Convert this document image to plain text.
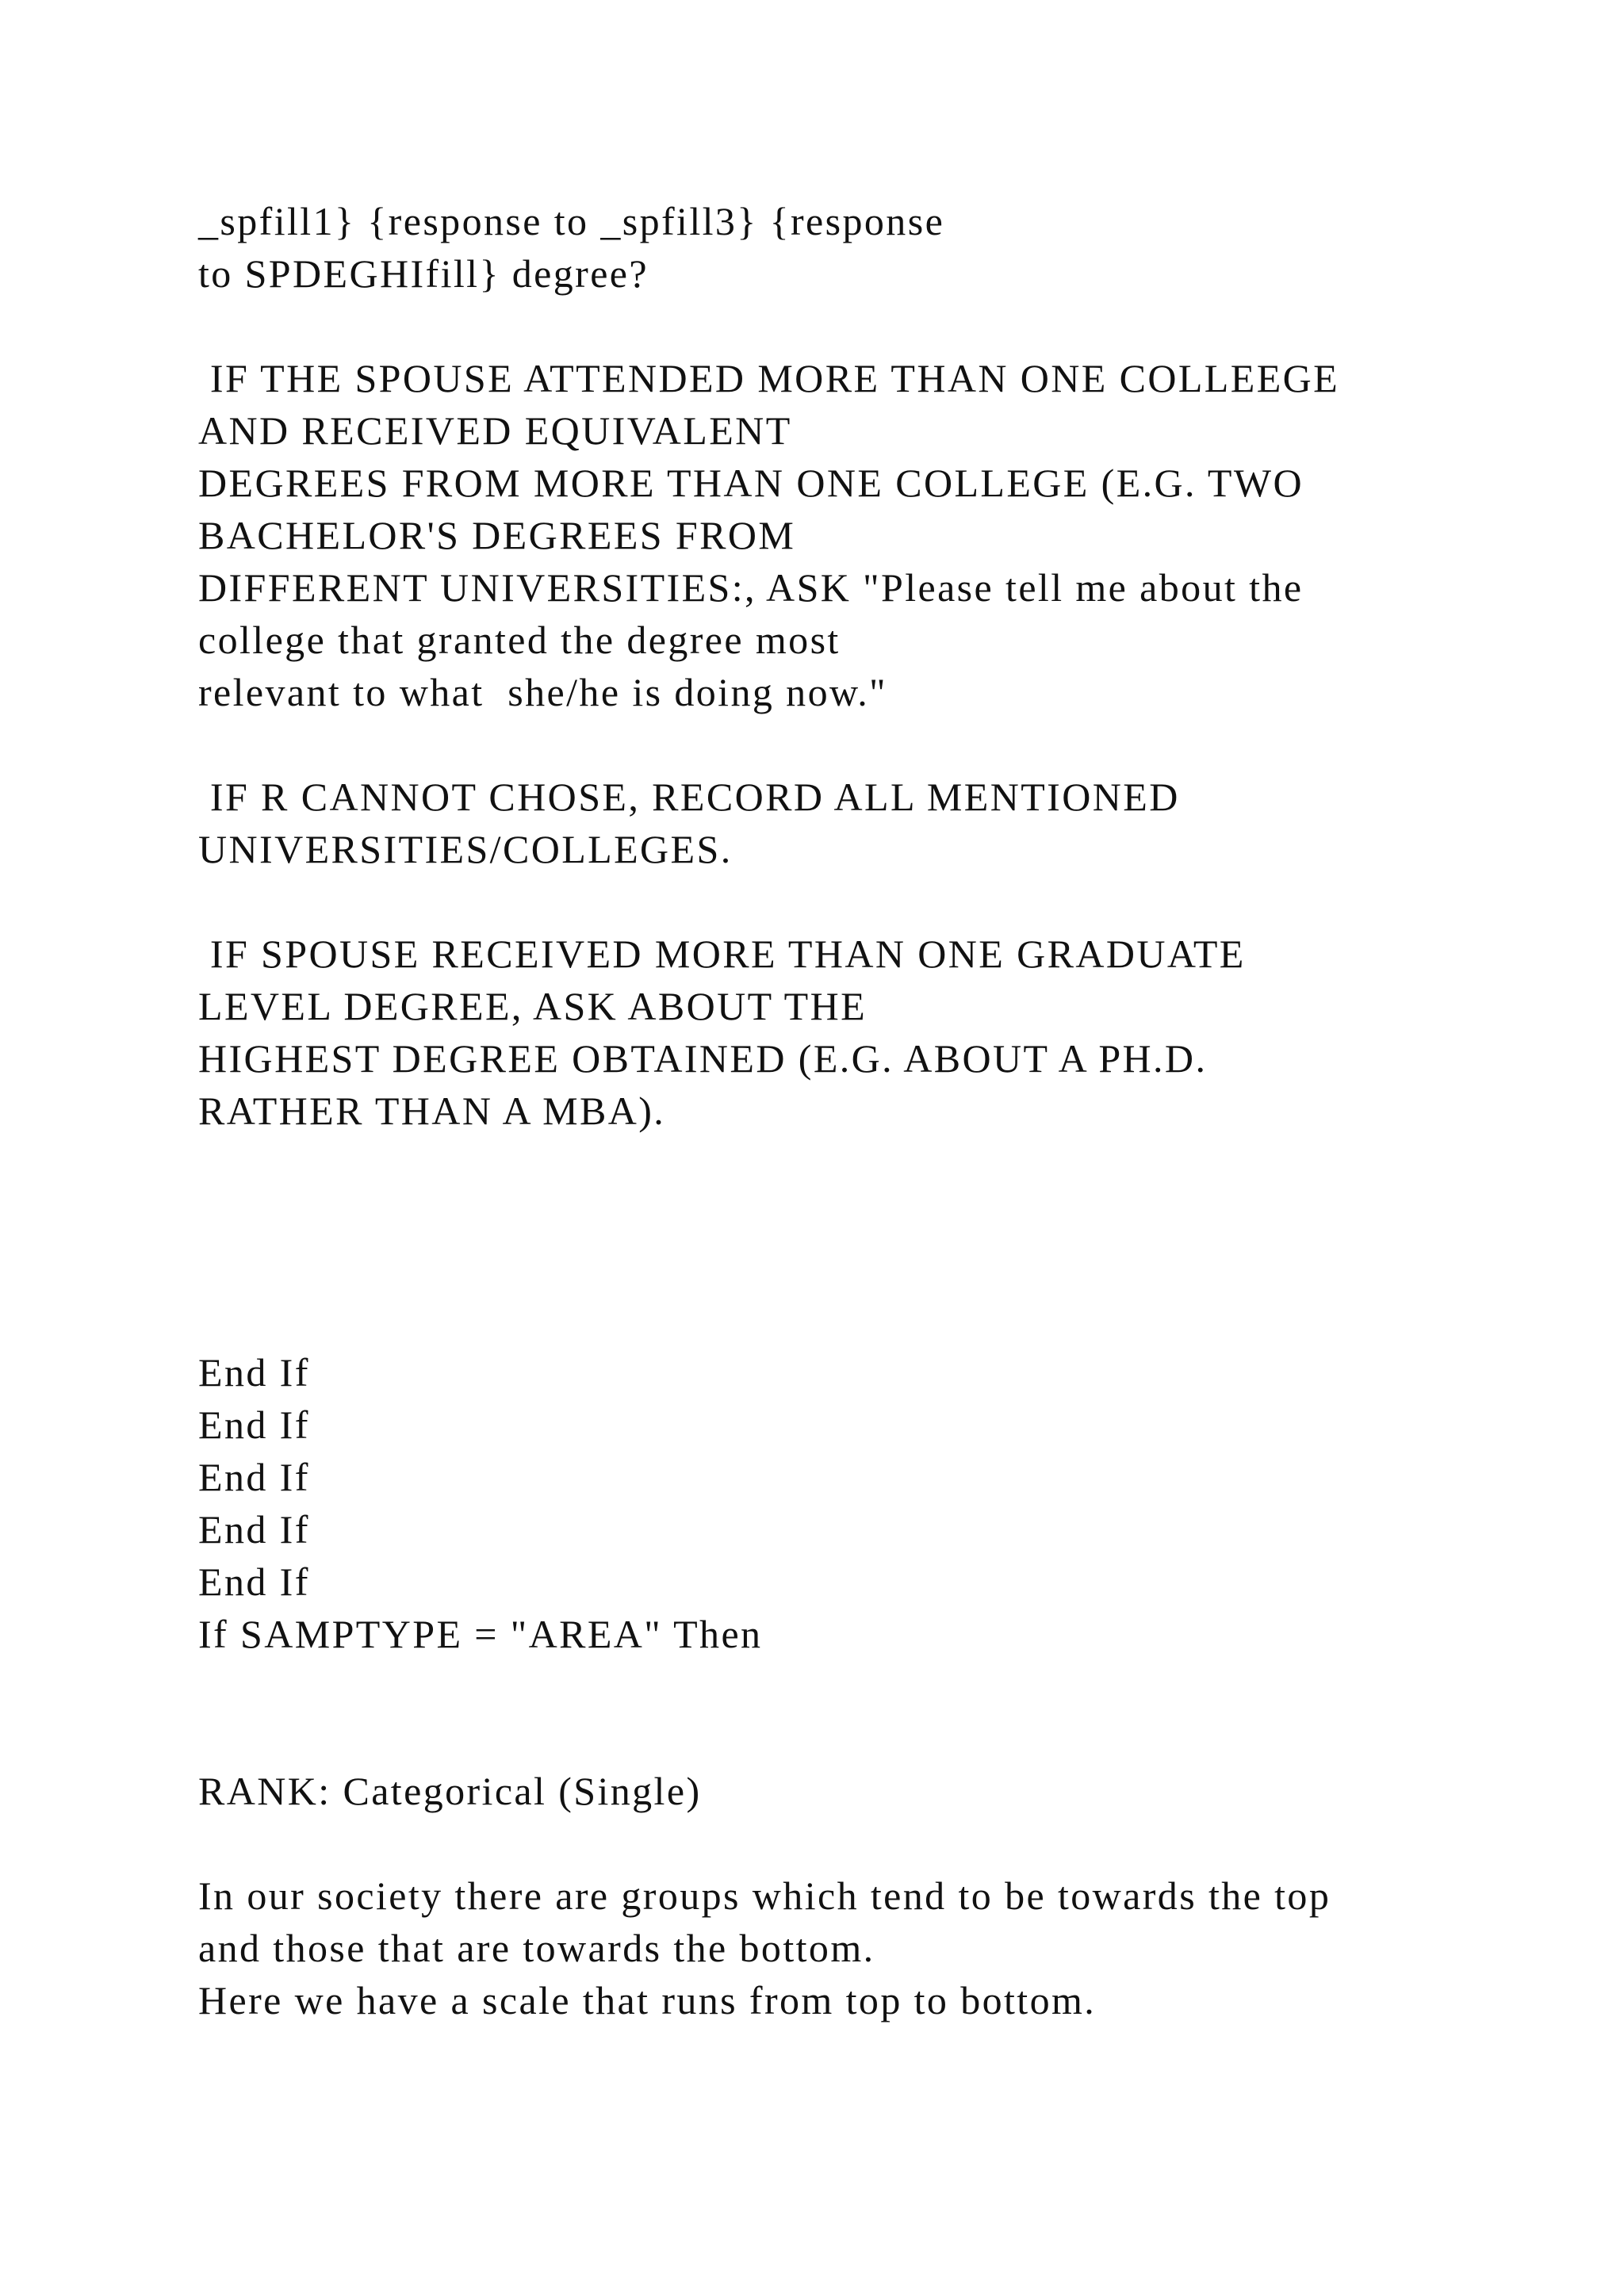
_spfill1} {response to _spfill3} {response
to SPDEGHIfill} degree?
IF THE SPOUSE ATTENDED MORE THAN ONE COLLEEGE
AND RECEIVED EQUIVALENT
DEGREES FROM MORE THAN ONE COLLEGE (E.G. TWO
BACHELOR'S DEGREES FROM
DIFFERENT UNIVERSITIES:, ASK "Please tell me about the
college that granted the degree most
relevant to what  she/he is doing now."
IF R CANNOT CHOSE, RECORD ALL MENTIONED
UNIVERSITIES/COLLEGES.
IF SPOUSE RECEIVED MORE THAN ONE GRADUATE
LEVEL DEGREE, ASK ABOUT THE
HIGHEST DEGREE OBTAINED (E.G. ABOUT A PH.D.
RATHER THAN A MBA).
End If
End If
End If
End If
End If
If SAMPTYPE = "AREA" Then
RANK: Categorical (Single)
In our society there are groups which tend to be towards the top
and those that are towards the bottom.
Here we have a scale that runs from top to bottom.
